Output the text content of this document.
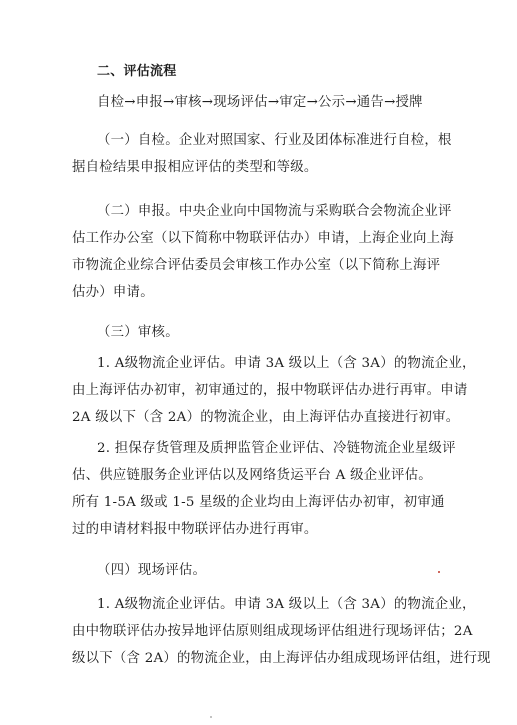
二、评估流程
自检→申报→审核→现场评估→审定→公示→通告→授牌
（一）自检。企业对照国家、行业及团体标准进行自检，根
据自检结果申报相应评估的类型和等级。
（二）申报。中央企业向中国物流与采购联合会物流企业评
估工作办公室（以下简称中物联评估办）申请，上海企业向上海
市物流企业综合评估委员会审核工作办公室（以下简称上海评
估办）申请。
（三）审核。
1. A级物流企业评估。申请 3A 级以上（含 3A）的物流企业，
由上海评估办初审，初审通过的，报中物联评估办进行再审。申请
2A 级以下（含 2A）的物流企业，由上海评估办直接进行初审。
2. 担保存货管理及质押监管企业评估、冷链物流企业星级评
估、供应链服务企业评估以及网络货运平台 A 级企业评估。
所有 1-5A 级或 1-5 星级的企业均由上海评估办初审，初审通
过的申请材料报中物联评估办进行再审。
（四）现场评估。
1. A级物流企业评估。申请 3A 级以上（含 3A）的物流企业，
由中物联评估办按异地评估原则组成现场评估组进行现场评估；2A
级以下（含 2A）的物流企业，由上海评估办组成现场评估组，进行现
